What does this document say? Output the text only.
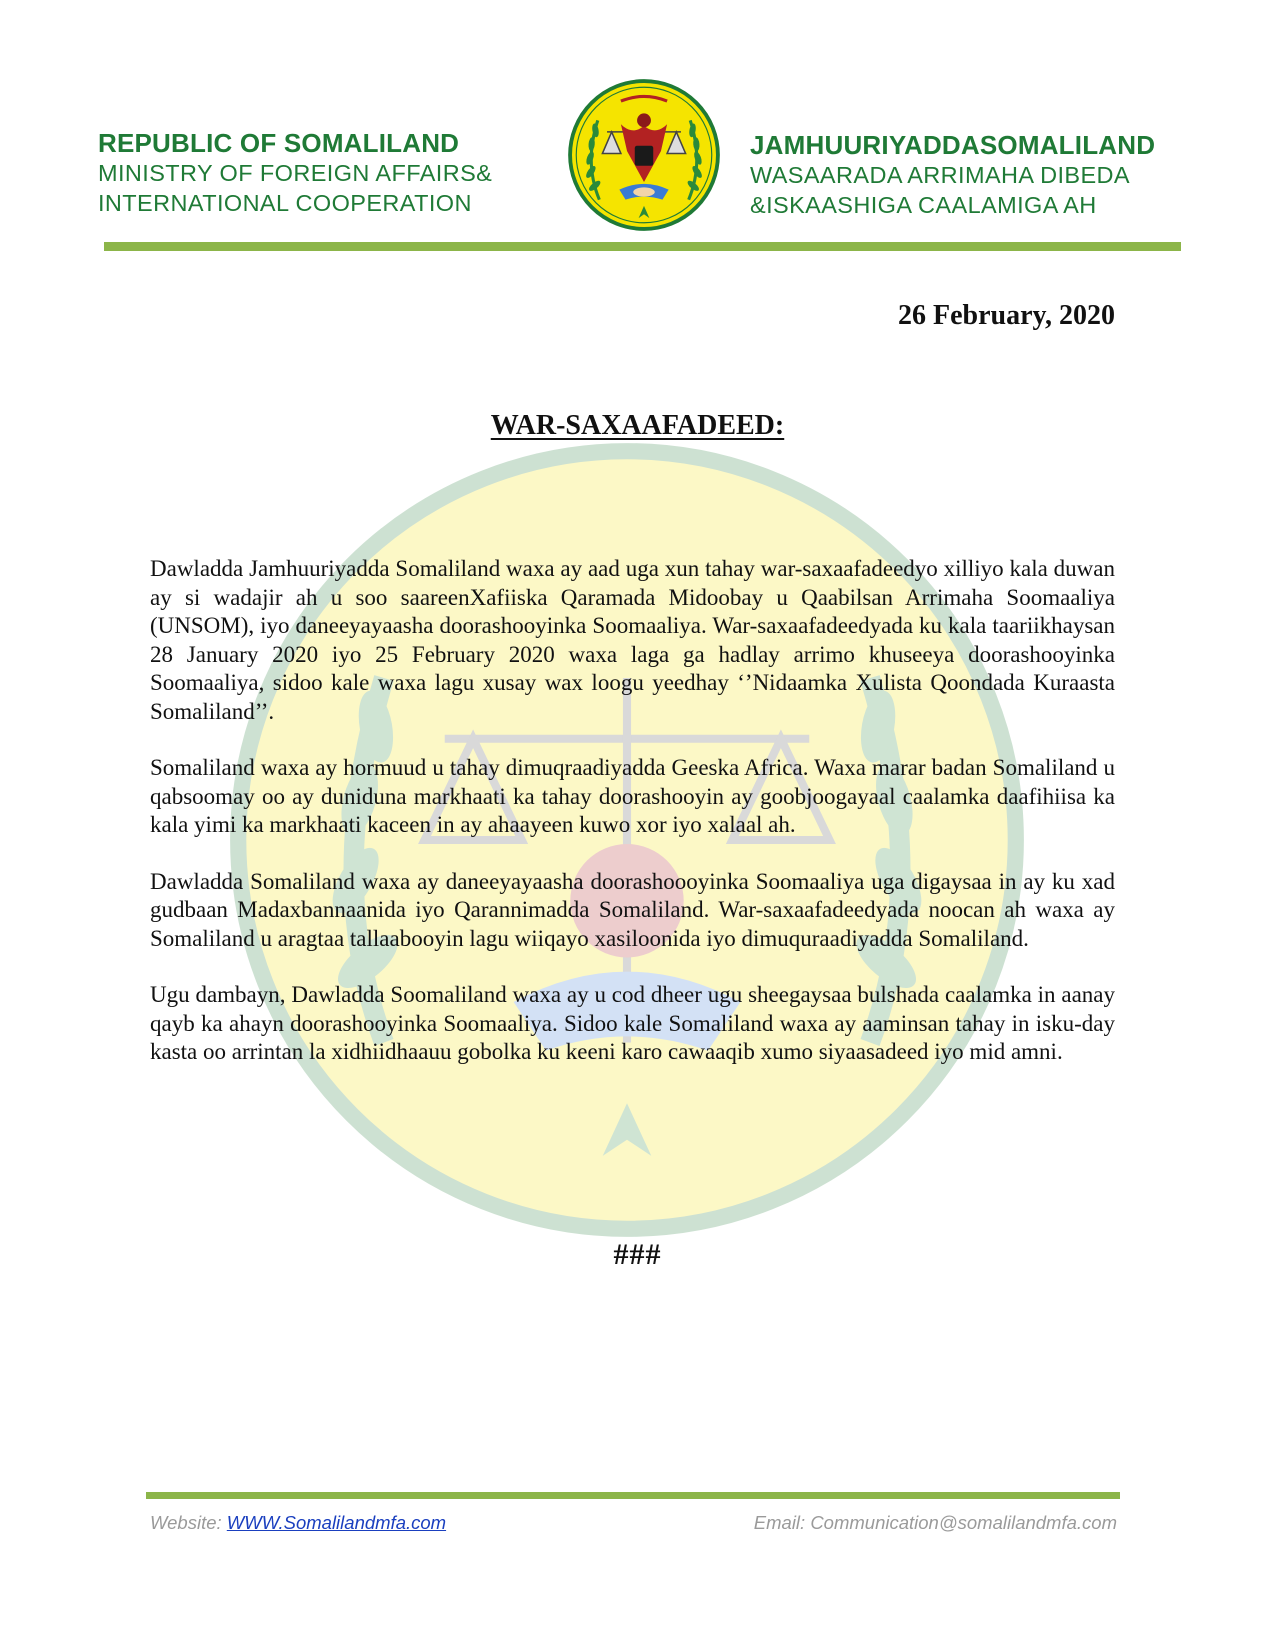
REPUBLIC OF SOMALILAND
MINISTRY OF FOREIGN AFFAIRS&
INTERNATIONAL COOPERATION
JAMHUURIYADDASOMALILAND
WASAARADA ARRIMAHA DIBEDA
&ISKAASHIGA CAALAMIGA AH
26 February, 2020
WAR-SAXAAFADEED:

Dawladda Jamhuuriyadda Somaliland waxa ay aad uga xun tahay war-saxaafadeedyo xilliyo kala duwan ay si wadajir ah u soo saareenXafiiska Qaramada Midoobay u Qaabilsan Arrimaha Soomaaliya (UNSOM), iyo daneeyayaasha doorashooyinka Soomaaliya. War-saxaafadeedyada ku kala taariikhaysan 28 January 2020 iyo 25 February 2020 waxa laga ga hadlay arrimo khuseeya doorashooyinka Soomaaliya, sidoo kale waxa lagu xusay wax loogu yeedhay ‘’Nidaamka Xulista Qoondada Kuraasta Somaliland’’.

Somaliland waxa ay hormuud u tahay dimuqraadiyadda Geeska Africa. Waxa marar badan Somaliland u qabsoomay oo ay duniduna markhaati ka tahay doorashooyin ay goobjoogayaal caalamka daafihiisa ka kala yimi ka markhaati kaceen in ay ahaayeen kuwo xor iyo xalaal ah.

Dawladda Somaliland waxa ay daneeyayaasha doorashoooyinka Soomaaliya uga digaysaa in ay ku xad gudbaan Madaxbannaanida iyo Qarannimadda Somaliland. War-saxaafadeedyada noocan ah waxa ay Somaliland u aragtaa tallaabooyin lagu wiiqayo xasiloonida iyo dimuquraadiyadda Somaliland.

Ugu dambayn, Dawladda Soomaliland waxa ay u cod dheer ugu sheegaysaa bulshada caalamka in aanay qayb ka ahayn doorashooyinka Soomaaliya. Sidoo kale Somaliland waxa ay aaminsan tahay in isku-day kasta oo arrintan la xidhiidhaauu gobolka ku keeni karo cawaaqib xumo siyaasadeed iyo mid amni.

###
Website: WWW.Somalilandmfa.com	Email: Communication@somalilandmfa.com
